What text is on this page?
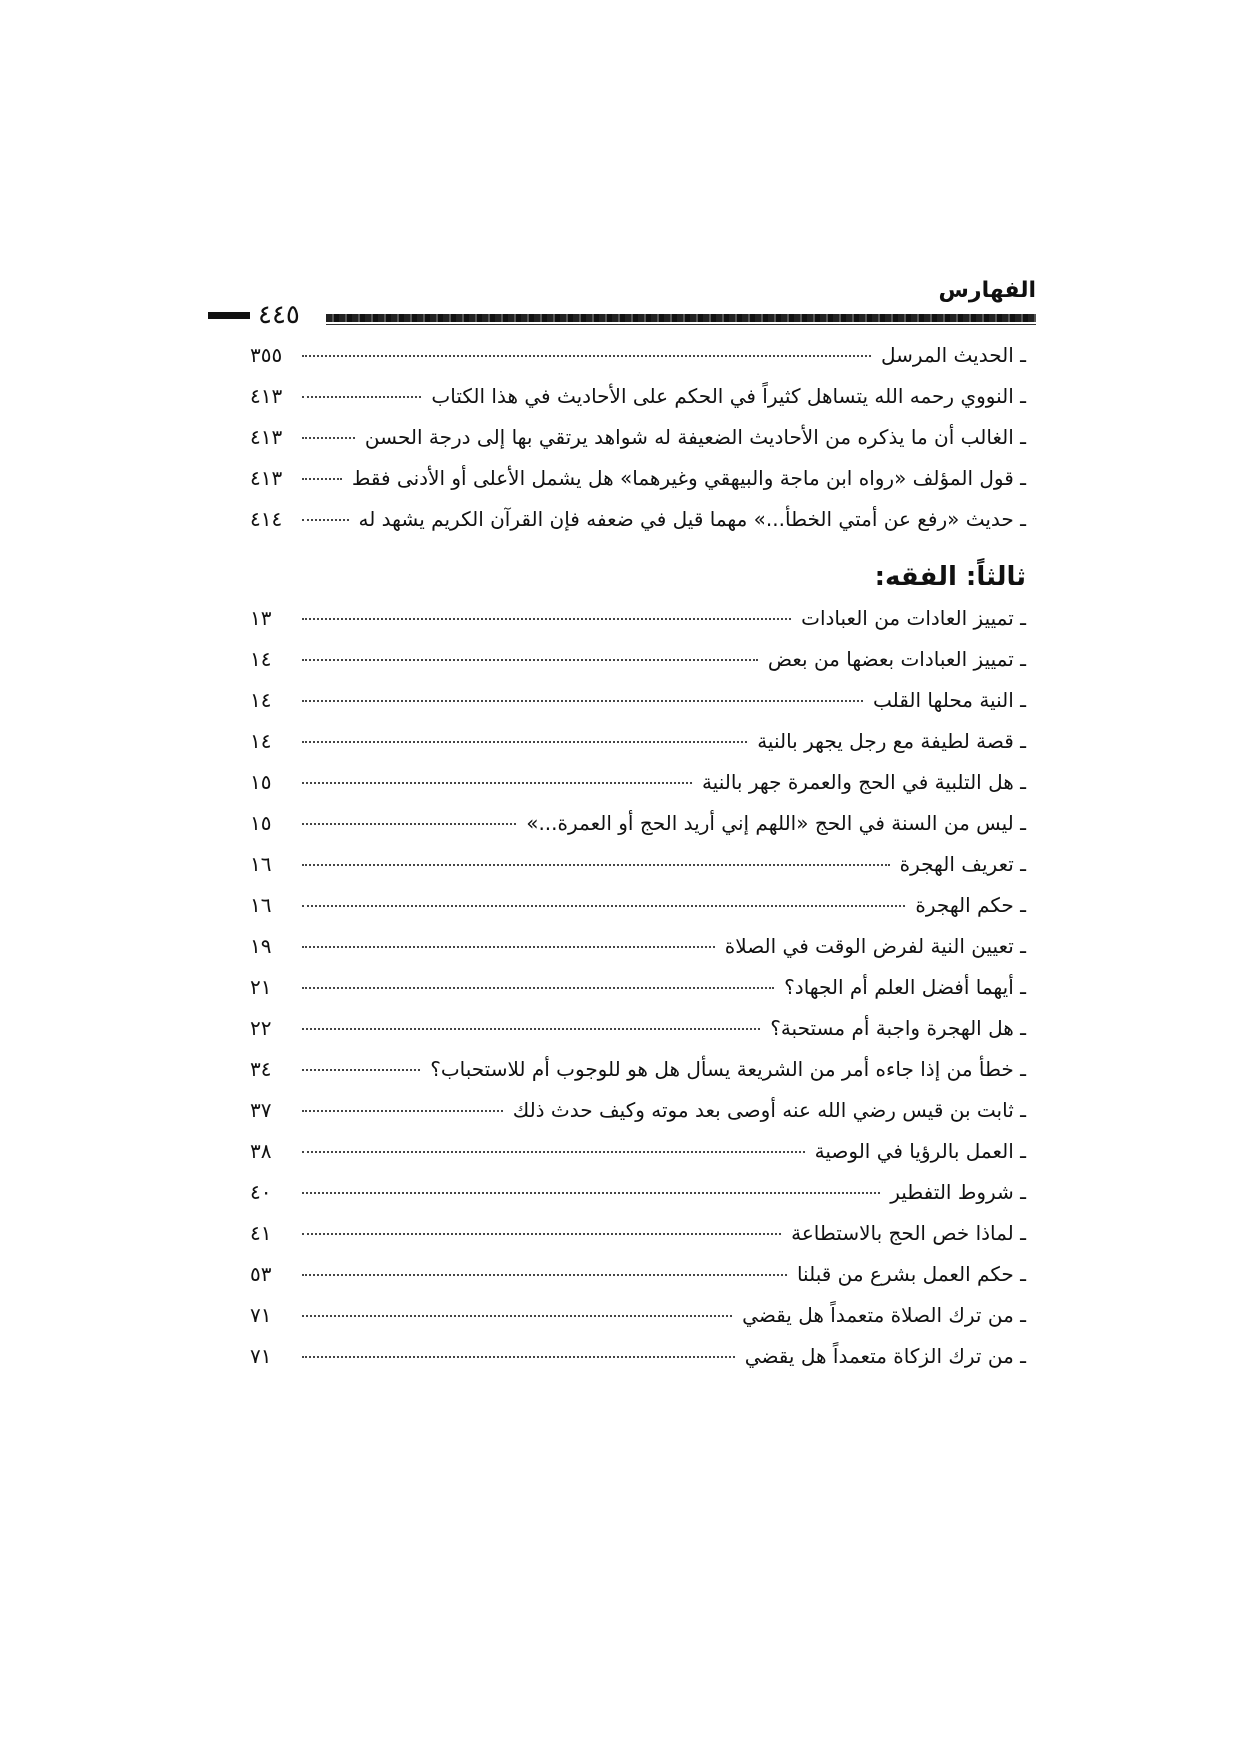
الفهارس
٤٤٥
ـ الحديث المرسل
٣٥٥
ـ النووي رحمه الله يتساهل كثيراً في الحكم على الأحاديث في هذا الكتاب
٤١٣
ـ الغالب أن ما يذكره من الأحاديث الضعيفة له شواهد يرتقي بها إلى درجة الحسن
٤١٣
ـ قول المؤلف «رواه ابن ماجة والبيهقي وغيرهما» هل يشمل الأعلى أو الأدنى فقط
٤١٣
ـ حديث «رفع عن أمتي الخطأ...» مهما قيل في ضعفه فإن القرآن الكريم يشهد له
٤١٤
ثالثاً: الفقه:
ـ تمييز العادات من العبادات
١٣
ـ تمييز العبادات بعضها من بعض
١٤
ـ النية محلها القلب
١٤
ـ قصة لطيفة مع رجل يجهر بالنية
١٤
ـ هل التلبية في الحج والعمرة جهر بالنية
١٥
ـ ليس من السنة في الحج «اللهم إني أريد الحج أو العمرة...»
١٥
ـ تعريف الهجرة
١٦
ـ حكم الهجرة
١٦
ـ تعيين النية لفرض الوقت في الصلاة
١٩
ـ أيهما أفضل العلم أم الجهاد؟
٢١
ـ هل الهجرة واجبة أم مستحبة؟
٢٢
ـ خطأ من إذا جاءه أمر من الشريعة يسأل هل هو للوجوب أم للاستحباب؟
٣٤
ـ ثابت بن قيس رضي الله عنه أوصى بعد موته وكيف حدث ذلك
٣٧
ـ العمل بالرؤيا في الوصية
٣٨
ـ شروط التفطير
٤٠
ـ لماذا خص الحج بالاستطاعة
٤١
ـ حكم العمل بشرع من قبلنا
٥٣
ـ من ترك الصلاة متعمداً هل يقضي
٧١
ـ من ترك الزكاة متعمداً هل يقضي
٧١
